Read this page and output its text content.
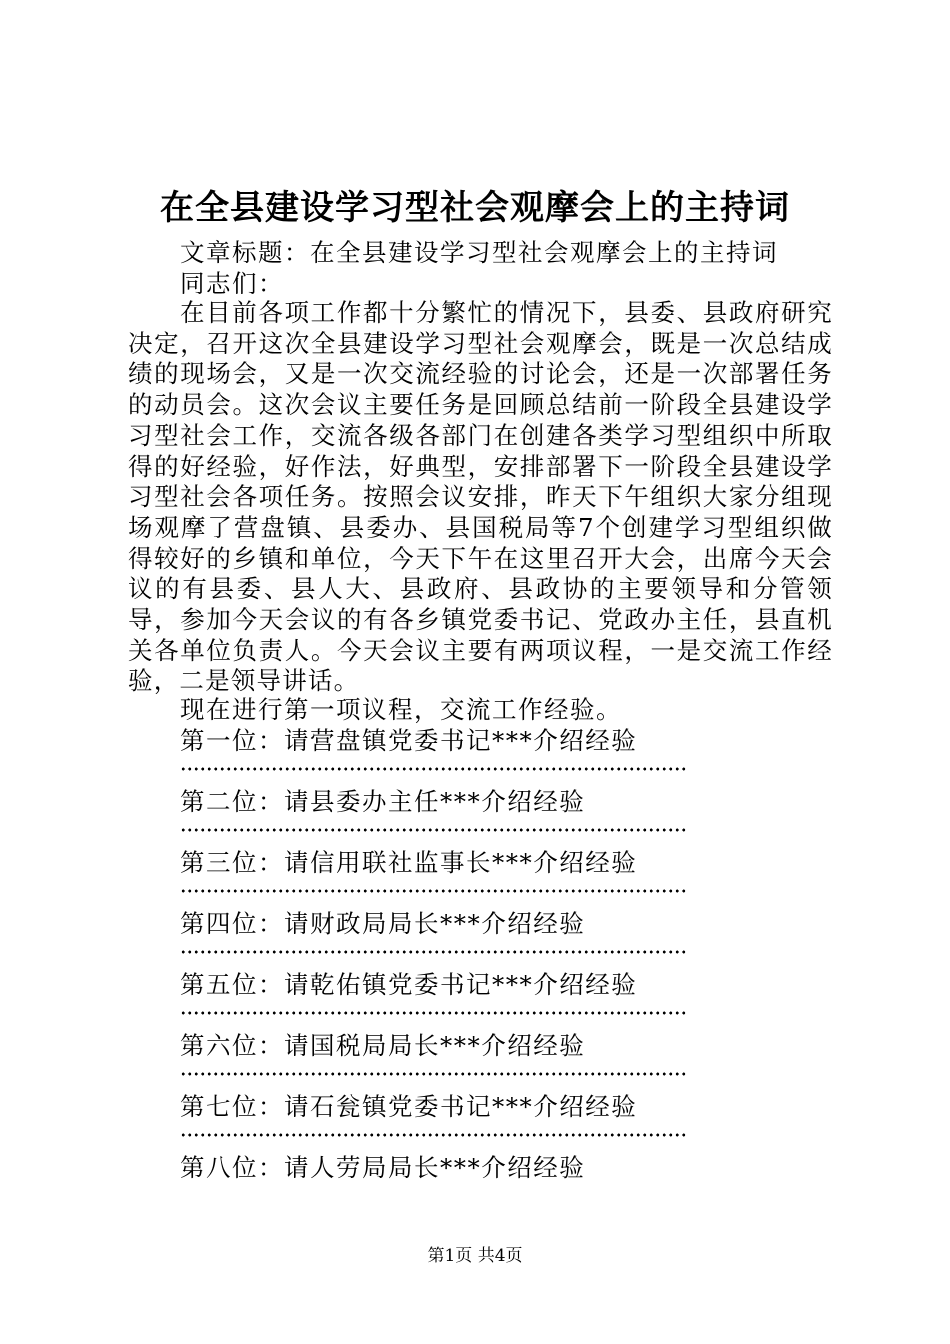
在全县建设学习型社会观摩会上的主持词
文章标题：在全县建设学习型社会观摩会上的主持词
同志们：

在目前各项工作都十分繁忙的情况下，县委、县政府研究决定，召开这次全县建设学习型社会观摩会，既是一次总结成绩的现场会，又是一次交流经验的讨论会，还是一次部署任务的动员会。这次会议主要任务是回顾总结前一阶段全县建设学习型社会工作，交流各级各部门在创建各类学习型组织中所取得的好经验，好作法，好典型，安排部署下一阶段全县建设学习型社会各项任务。按照会议安排，昨天下午组织大家分组现场观摩了营盘镇、县委办、县国税局等7个创建学习型组织做得较好的乡镇和单位，今天下午在这里召开大会，出席今天会议的有县委、县人大、县政府、县政协的主要领导和分管领导，参加今天会议的有各乡镇党委书记、党政办主任，县直机关各单位负责人。今天会议主要有两项议程，一是交流工作经验，二是领导讲话。

现在进行第一项议程，交流工作经验。
第一位：请营盘镇党委书记***介绍经验
第二位：请县委办主任***介绍经验
第三位：请信用联社监事长***介绍经验
第四位：请财政局局长***介绍经验
第五位：请乾佑镇党委书记***介绍经验
第六位：请国税局局长***介绍经验
第七位：请石瓮镇党委书记***介绍经验
第八位：请人劳局局长***介绍经验
第1页 共4页
